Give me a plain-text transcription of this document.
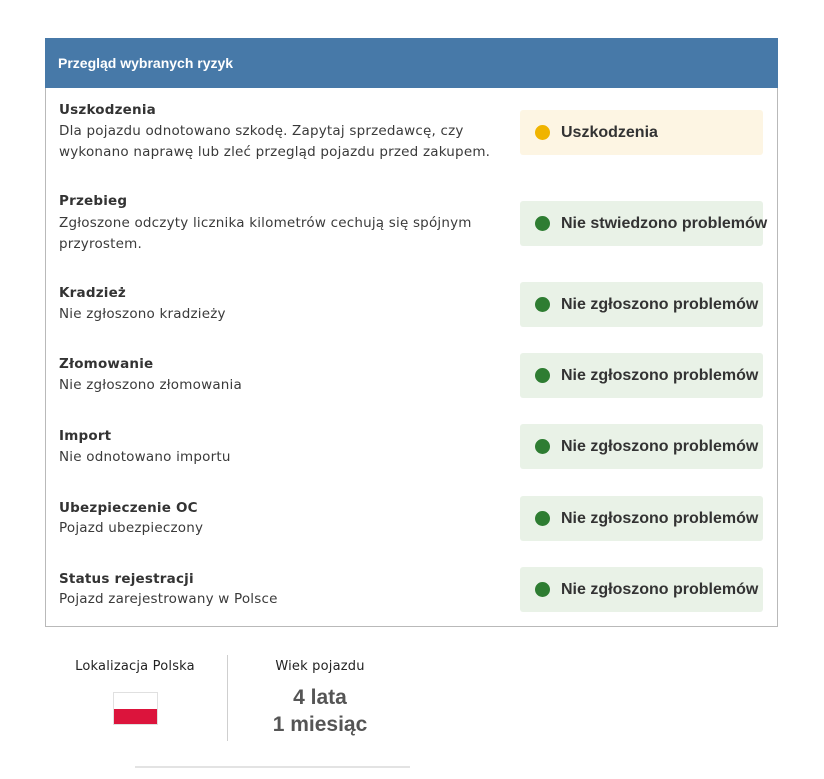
Przegląd wybranych ryzyk
Uszkodzenia
Dla pojazdu odnotowano szkodę. Zapytaj sprzedawcę, czy wykonano naprawę lub zleć przegląd pojazdu przed zakupem.
Uszkodzenia
Przebieg
Zgłoszone odczyty licznika kilometrów cechują się spójnym przyrostem.
Nie stwiedzono problemów
Kradzież
Nie zgłoszono kradzieży
Nie zgłoszono problemów
Złomowanie
Nie zgłoszono złomowania
Nie zgłoszono problemów
Import
Nie odnotowano importu
Nie zgłoszono problemów
Ubezpieczenie OC
Pojazd ubezpieczony
Nie zgłoszono problemów
Status rejestracji
Pojazd zarejestrowany w Polsce
Nie zgłoszono problemów
Lokalizacja Polska	Wiek pojazdu
4 lata
1 miesiąc
